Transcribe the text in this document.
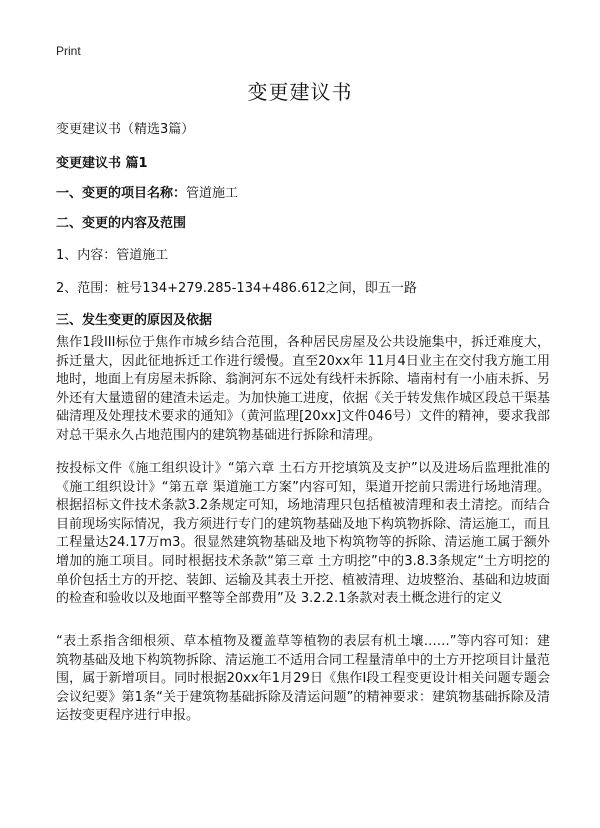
Print
变更建议书
变更建议书（精选3篇）
变更建议书 篇1
一、变更的项目名称：管道施工
二、变更的内容及范围
1、内容：管道施工
2、范围：桩号134+279.285-134+486.612之间，即五一路
三、发生变更的原因及依据
焦作1段III标位于焦作市城乡结合范围，各种居民房屋及公共设施集中，拆迁难度大，拆迁量大，因此征地拆迁工作进行缓慢。直至20xx年 11月4日业主在交付我方施工用地时，地面上有房屋未拆除、翁涧河东不远处有线杆未拆除、墙南村有一小庙未拆、另外还有大量遗留的建渣未运走。为加快施工进度，依据《关于转发焦作城区段总干渠基础清理及处理技术要求的通知》（黄河监理[20xx]文件046号）文件的精神，要求我部对总干渠永久占地范围内的建筑物基础进行拆除和清理。
按投标文件《施工组织设计》“第六章 土石方开挖填筑及支护”以及进场后监理批准的《施工组织设计》“第五章 渠道施工方案”内容可知，渠道开挖前只需进行场地清理。根据招标文件技术条款3.2条规定可知，场地清理只包括植被清理和表土清挖。而结合目前现场实际情况，我方须进行专门的建筑物基础及地下构筑物拆除、清运施工，而且工程量达24.17万m3。很显然建筑物基础及地下构筑物等的拆除、清运施工属于额外增加的施工项目。同时根据技术条款“第三章 土方明挖”中的3.8.3条规定“土方明挖的单价包括土方的开挖、装卸、运输及其表土开挖、植被清理、边坡整治、基础和边坡面的检查和验收以及地面平整等全部费用”及 3.2.2.1条款对表土概念进行的定义
“表土系指含细根须、草本植物及覆盖草等植物的表层有机土壤……”等内容可知：建筑物基础及地下构筑物拆除、清运施工不适用合同工程量清单中的土方开挖项目计量范围，属于新增项目。同时根据20xx年1月29日《焦作I段工程变更设计相关问题专题会会议纪要》第1条“关于建筑物基础拆除及清运问题”的精神要求：建筑物基础拆除及清运按变更程序进行申报。
